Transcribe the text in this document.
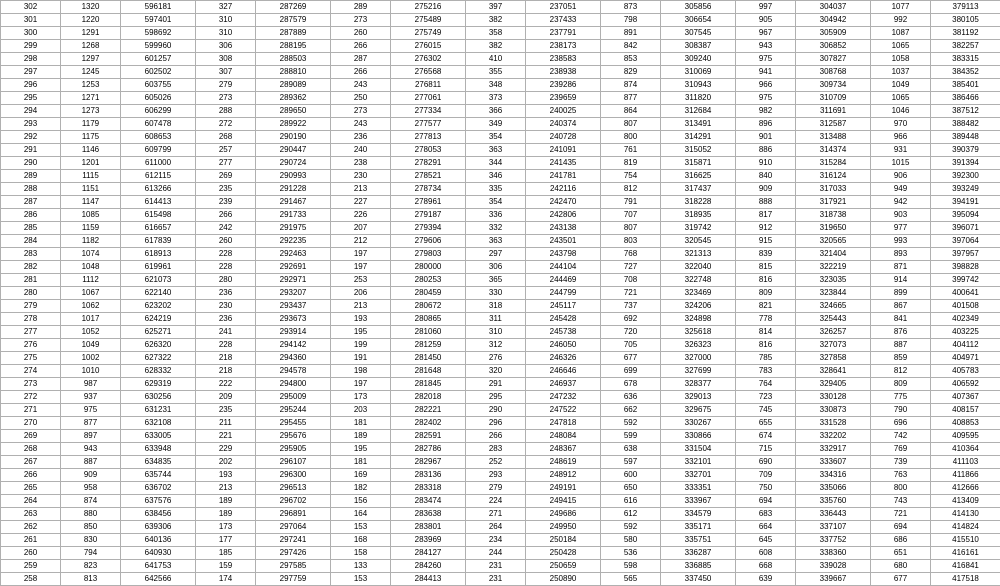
302	1320	596181	327	287269	289	275216	397	237051	873	305856	997	304037	1077	379113
301	1220	597401	310	287579	273	275489	382	237433	798	306654	905	304942	992	380105
300	1291	598692	310	287889	260	275749	358	237791	891	307545	967	305909	1087	381192
299	1268	599960	306	288195	266	276015	382	238173	842	308387	943	306852	1065	382257
298	1297	601257	308	288503	287	276302	410	238583	853	309240	975	307827	1058	383315
297	1245	602502	307	288810	266	276568	355	238938	829	310069	941	308768	1037	384352
296	1253	603755	279	289089	243	276811	348	239286	874	310943	966	309734	1049	385401
295	1271	605026	273	289362	250	277061	373	239659	877	311820	975	310709	1065	386466
294	1273	606299	288	289650	273	277334	366	240025	864	312684	982	311691	1046	387512
293	1179	607478	272	289922	243	277577	349	240374	807	313491	896	312587	970	388482
292	1175	608653	268	290190	236	277813	354	240728	800	314291	901	313488	966	389448
291	1146	609799	257	290447	240	278053	363	241091	761	315052	886	314374	931	390379
290	1201	611000	277	290724	238	278291	344	241435	819	315871	910	315284	1015	391394
289	1115	612115	269	290993	230	278521	346	241781	754	316625	840	316124	906	392300
288	1151	613266	235	291228	213	278734	335	242116	812	317437	909	317033	949	393249
287	1147	614413	239	291467	227	278961	354	242470	791	318228	888	317921	942	394191
286	1085	615498	266	291733	226	279187	336	242806	707	318935	817	318738	903	395094
285	1159	616657	242	291975	207	279394	332	243138	807	319742	912	319650	977	396071
284	1182	617839	260	292235	212	279606	363	243501	803	320545	915	320565	993	397064
283	1074	618913	228	292463	197	279803	297	243798	768	321313	839	321404	893	397957
282	1048	619961	228	292691	197	280000	306	244104	727	322040	815	322219	871	398828
281	1112	621073	280	292971	253	280253	365	244469	708	322748	816	323035	914	399742
280	1067	622140	236	293207	206	280459	330	244799	721	323469	809	323844	899	400641
279	1062	623202	230	293437	213	280672	318	245117	737	324206	821	324665	867	401508
278	1017	624219	236	293673	193	280865	311	245428	692	324898	778	325443	841	402349
277	1052	625271	241	293914	195	281060	310	245738	720	325618	814	326257	876	403225
276	1049	626320	228	294142	199	281259	312	246050	705	326323	816	327073	887	404112
275	1002	627322	218	294360	191	281450	276	246326	677	327000	785	327858	859	404971
274	1010	628332	218	294578	198	281648	320	246646	699	327699	783	328641	812	405783
273	987	629319	222	294800	197	281845	291	246937	678	328377	764	329405	809	406592
272	937	630256	209	295009	173	282018	295	247232	636	329013	723	330128	775	407367
271	975	631231	235	295244	203	282221	290	247522	662	329675	745	330873	790	408157
270	877	632108	211	295455	181	282402	296	247818	592	330267	655	331528	696	408853
269	897	633005	221	295676	189	282591	266	248084	599	330866	674	332202	742	409595
268	943	633948	229	295905	195	282786	283	248367	638	331504	715	332917	769	410364
267	887	634835	202	296107	181	282967	252	248619	597	332101	690	333607	739	411103
266	909	635744	193	296300	169	283136	293	248912	600	332701	709	334316	763	411866
265	958	636702	213	296513	182	283318	279	249191	650	333351	750	335066	800	412666
264	874	637576	189	296702	156	283474	224	249415	616	333967	694	335760	743	413409
263	880	638456	189	296891	164	283638	271	249686	612	334579	683	336443	721	414130
262	850	639306	173	297064	153	283801	264	249950	592	335171	664	337107	694	414824
261	830	640136	177	297241	168	283969	234	250184	580	335751	645	337752	686	415510
260	794	640930	185	297426	158	284127	244	250428	536	336287	608	338360	651	416161
259	823	641753	159	297585	133	284260	231	250659	598	336885	668	339028	680	416841
258	813	642566	174	297759	153	284413	231	250890	565	337450	639	339667	677	417518
